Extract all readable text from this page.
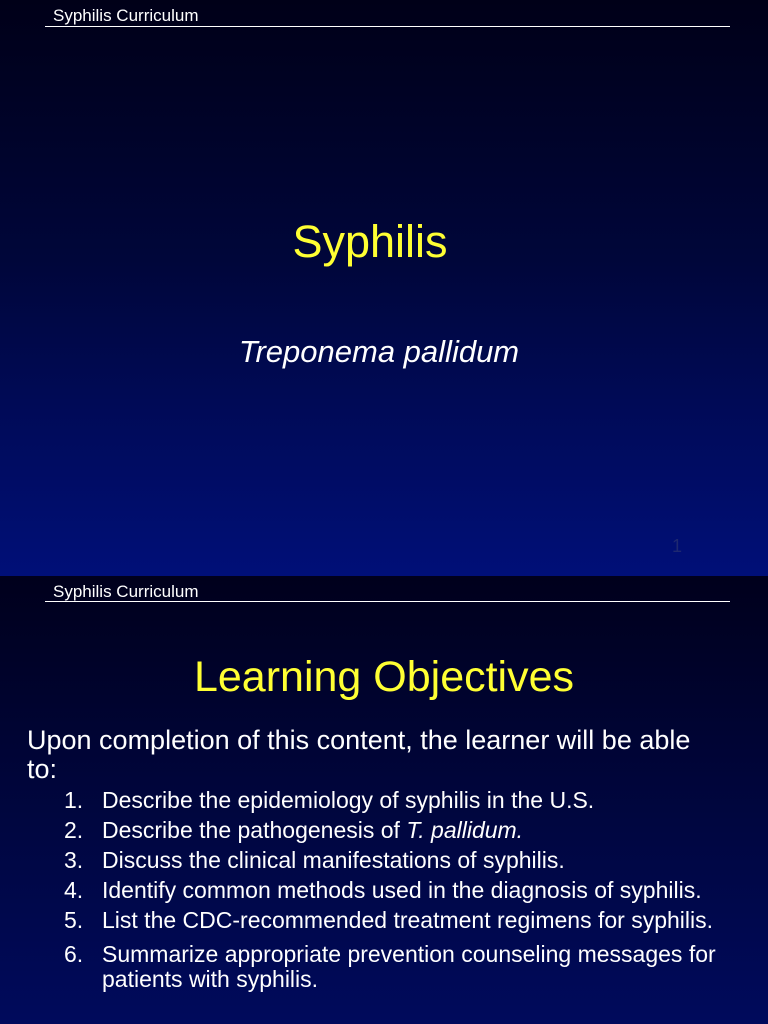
Syphilis Curriculum
Syphilis
Treponema pallidum
1
Syphilis Curriculum
Learning Objectives
Upon completion of this content, the learner will be able to:
1. Describe the epidemiology of syphilis in the U.S.
2. Describe the pathogenesis of T. pallidum.
3. Discuss the clinical manifestations of syphilis.
4. Identify common methods used in the diagnosis of syphilis.
5. List the CDC-recommended treatment regimens for syphilis.
6. Summarize appropriate prevention counseling messages for patients with syphilis.
